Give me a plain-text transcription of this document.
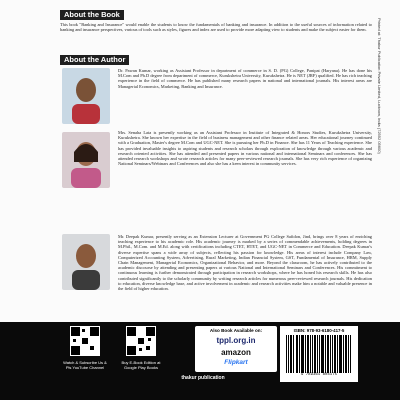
About the Book
This book "Banking and Insurance" would enable the students to know the fundamentals of banking and insurance. In addition to the useful sources of information related to banking and insurance perspectives, various of tools such as styles, figures and index are used to provide more adapting view to students and make the subject easier for them.
About the Author
Dr. Pawan Kumar, working as Assistant Professor in department of commerce in S. D. (PG) College, Panipat (Haryana). He has done his M.Com and Ph.D degree from department of commerce, Kurukshetra University, Kurukshetra. He is NET (JRF) qualified. He has rich teaching experience in the field of commerce. He has published many research papers in national and international journals. His interest areas are Managerial Economics, Marketing, Banking and Insurance.
Mrs. Senaha Lata is presently working as an Assistant Professor in Institute of Integrated & Honors Studies, Kurukshetra University, Kurukshetra. She known her expertise in the field of business management and other finance related areas. Her educational journey continued with a Graduation, Master's degree M.Com and UGC-NET. She is pursuing her Ph.D in Finance. She has 11 Years of Teaching experience. She has provided invaluable insights to aspiring students and research scholars through exploration of knowledge through various academic and research oriented activities. She has attended and presented papers in various national and international Seminars and conferences. She has attended research workshops and wrote research articles for many peer-reviewed research journals. She has very rich experience of organizing National Seminars/Webinars and Conferences and also she has a keen interest in community services.
Mr. Deepak Kumar, presently serving as an Extension Lecturer at Government PG College Safidon, Jind, brings over 8 years of enriching teaching experience to his academic role. His academic journey is marked by a series of commendable achievements, holding degrees in M.Phil., M.Com. and M.Ed. along with certifications including CTET, HTET, and UGC-NET in Commerce and Education. Deepak Kumar's diverse expertise spans a wide array of subjects, reflecting his passion for knowledge. His areas of interest include Company Law, Computerized Accounting System, Advertising, Rural Marketing, Indian Financial System, GST, Fundamental of Insurance, HRM, Supply Chain Management, Managerial Economics, Organizational Behavior, and more. Beyond the classroom, he has actively contributed to the academic discourse by attending and presenting papers at various National and International Seminars and Conferences. His commitment to continuous learning is further demonstrated through participation in research workshops, where he has honed his research skills. He has also contributed significantly to the scholarly community by writing research articles for numerous peer-reviewed research journals. His dedication to education, diverse knowledge base, and active involvement in academic and research activities make him a notable and valuable presence in the field of higher education.
Printed at: Thakur Publication Private Limited, Lucknow, India (72552 05600)
Watch & Subscribe Us & Pls YouTube Channel
Buy E-Book Edition at Google Play Books
Also Book Available on:
tppl.org.in
amazon
Flipkart
thakur publication
ISBN: 978-93-6180-417-5
9 789361 804175
